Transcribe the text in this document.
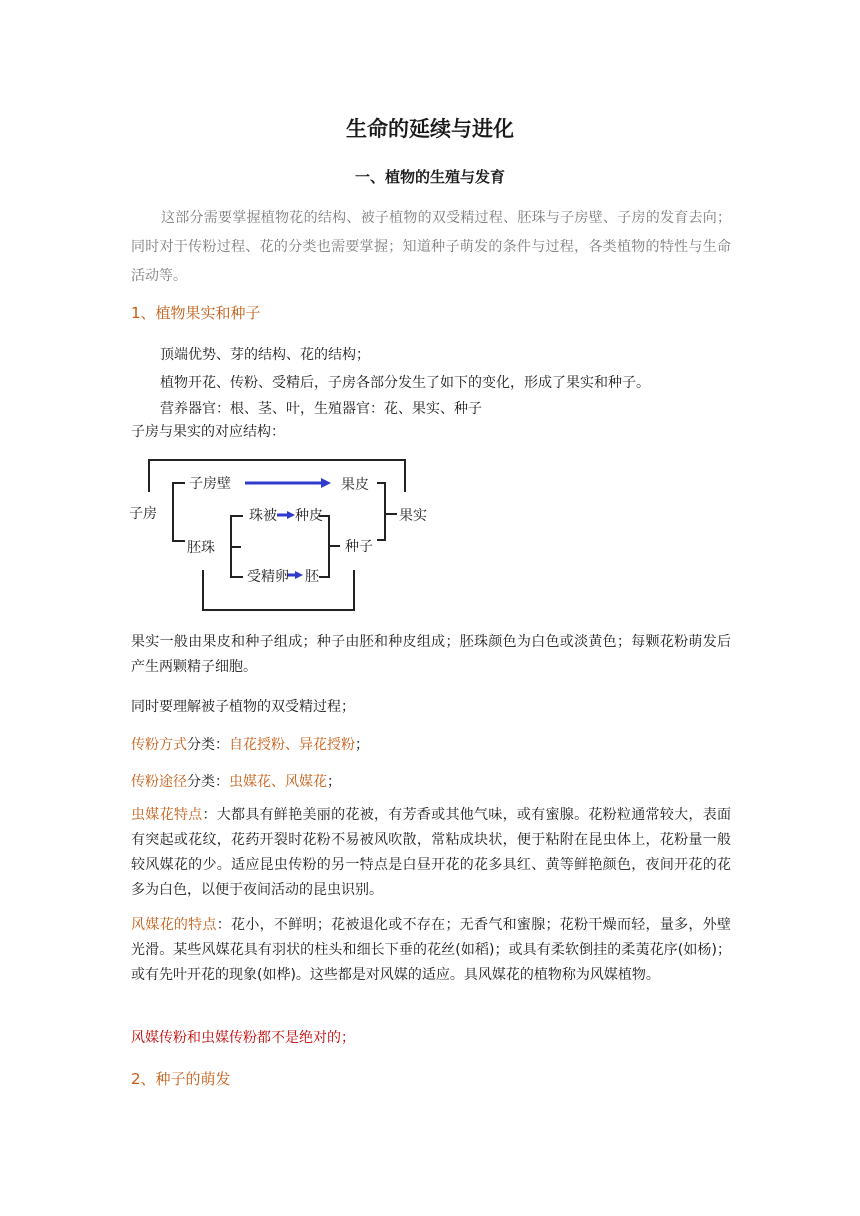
生命的延续与进化
一、植物的生殖与发育
这部分需要掌握植物花的结构、被子植物的双受精过程、胚珠与子房壁、子房的发育去向；同时对于传粉过程、花的分类也需要掌握；知道种子萌发的条件与过程，各类植物的特性与生命活动等。
1、植物果实和种子
顶端优势、芽的结构、花的结构；
植物开花、传粉、受精后，子房各部分发生了如下的变化，形成了果实和种子。
营养器官：根、茎、叶，生殖器官：花、果实、种子
子房与果实的对应结构：
子房
子房壁	果皮
胚珠
珠被 种皮
受精卵 胚
种子
果实
果实一般由果皮和种子组成；种子由胚和种皮组成；胚珠颜色为白色或淡黄色；每颗花粉萌发后产生两颗精子细胞。
同时要理解被子植物的双受精过程；
传粉方式分类：自花授粉、异花授粉；
传粉途径分类：虫媒花、风媒花；
虫媒花特点：大都具有鲜艳美丽的花被，有芳香或其他气味，或有蜜腺。花粉粒通常较大，表面有突起或花纹，花药开裂时花粉不易被风吹散，常粘成块状，便于粘附在昆虫体上，花粉量一般较风媒花的少。适应昆虫传粉的另一特点是白昼开花的花多具红、黄等鲜艳颜色，夜间开花的花多为白色，以便于夜间活动的昆虫识别。
风媒花的特点：花小，不鲜明；花被退化或不存在；无香气和蜜腺；花粉干燥而轻，量多，外壁光滑。某些风媒花具有羽状的柱头和细长下垂的花丝(如稻)；或具有柔软倒挂的柔荑花序(如杨)；或有先叶开花的现象(如桦)。这些都是对风媒的适应。具风媒花的植物称为风媒植物。
风媒传粉和虫媒传粉都不是绝对的；
2、种子的萌发
